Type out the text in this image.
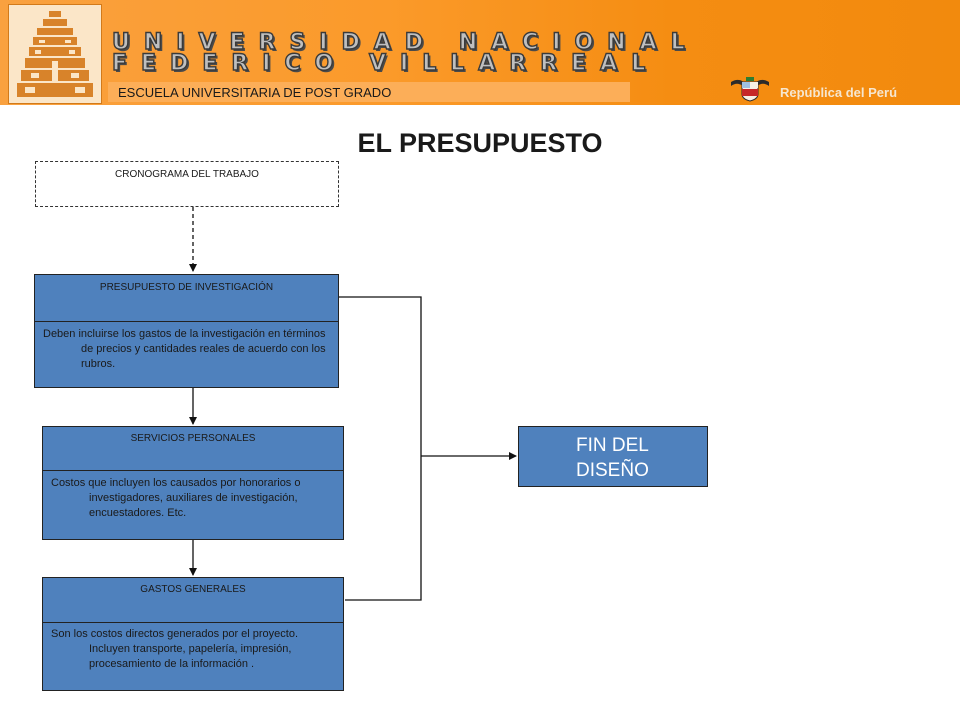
UNIVERSIDAD NACIONAL
FEDERICO VILLARREAL
ESCUELA UNIVERSITARIA DE POST GRADO	República del Perú
EL PRESUPUESTO
CRONOGRAMA DEL TRABAJO
PRESUPUESTO DE INVESTIGACIÓN
Deben incluirse los gastos de la investigación en términos de precios y cantidades reales de acuerdo con los rubros.
SERVICIOS PERSONALES
Costos que incluyen los causados por honorarios o investigadores, auxiliares de investigación, encuestadores. Etc.
GASTOS GENERALES
Son los costos directos generados por el proyecto. Incluyen transporte, papelería, impresión, procesamiento de la información .
FIN DEL DISEÑO
